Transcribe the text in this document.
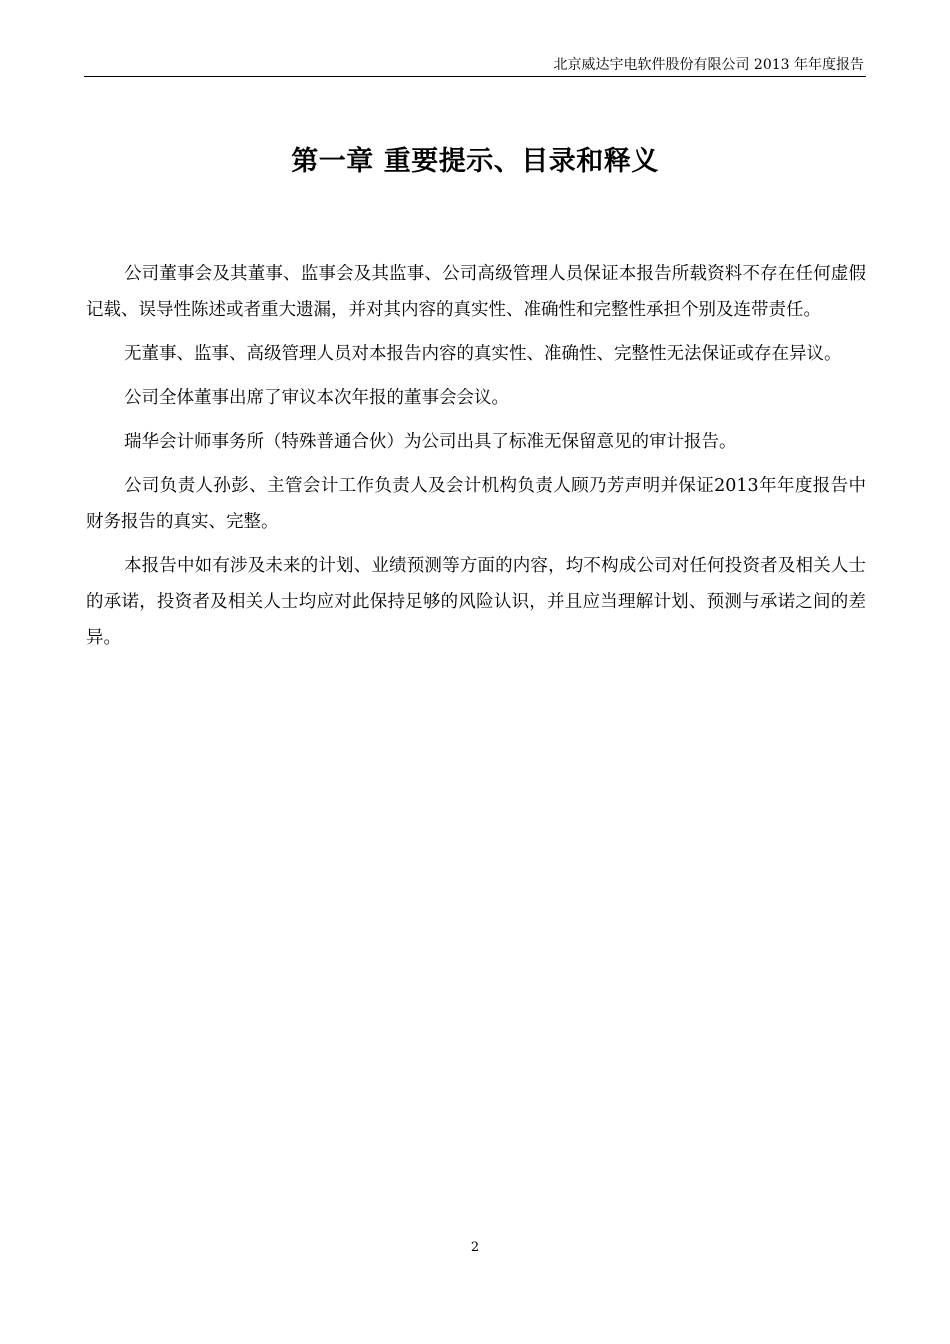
北京威达宇电软件股份有限公司 2013 年年度报告
第一章 重要提示、目录和释义

公司董事会及其董事、监事会及其监事、公司高级管理人员保证本报告所载资料不存在任何虚假记载、误导性陈述或者重大遗漏，并对其内容的真实性、准确性和完整性承担个别及连带责任。

无董事、监事、高级管理人员对本报告内容的真实性、准确性、完整性无法保证或存在异议。

公司全体董事出席了审议本次年报的董事会会议。

瑞华会计师事务所（特殊普通合伙）为公司出具了标准无保留意见的审计报告。

公司负责人孙彭、主管会计工作负责人及会计机构负责人顾乃芳声明并保证2013年年度报告中财务报告的真实、完整。

本报告中如有涉及未来的计划、业绩预测等方面的内容，均不构成公司对任何投资者及相关人士的承诺，投资者及相关人士均应对此保持足够的风险认识，并且应当理解计划、预测与承诺之间的差异。

2
